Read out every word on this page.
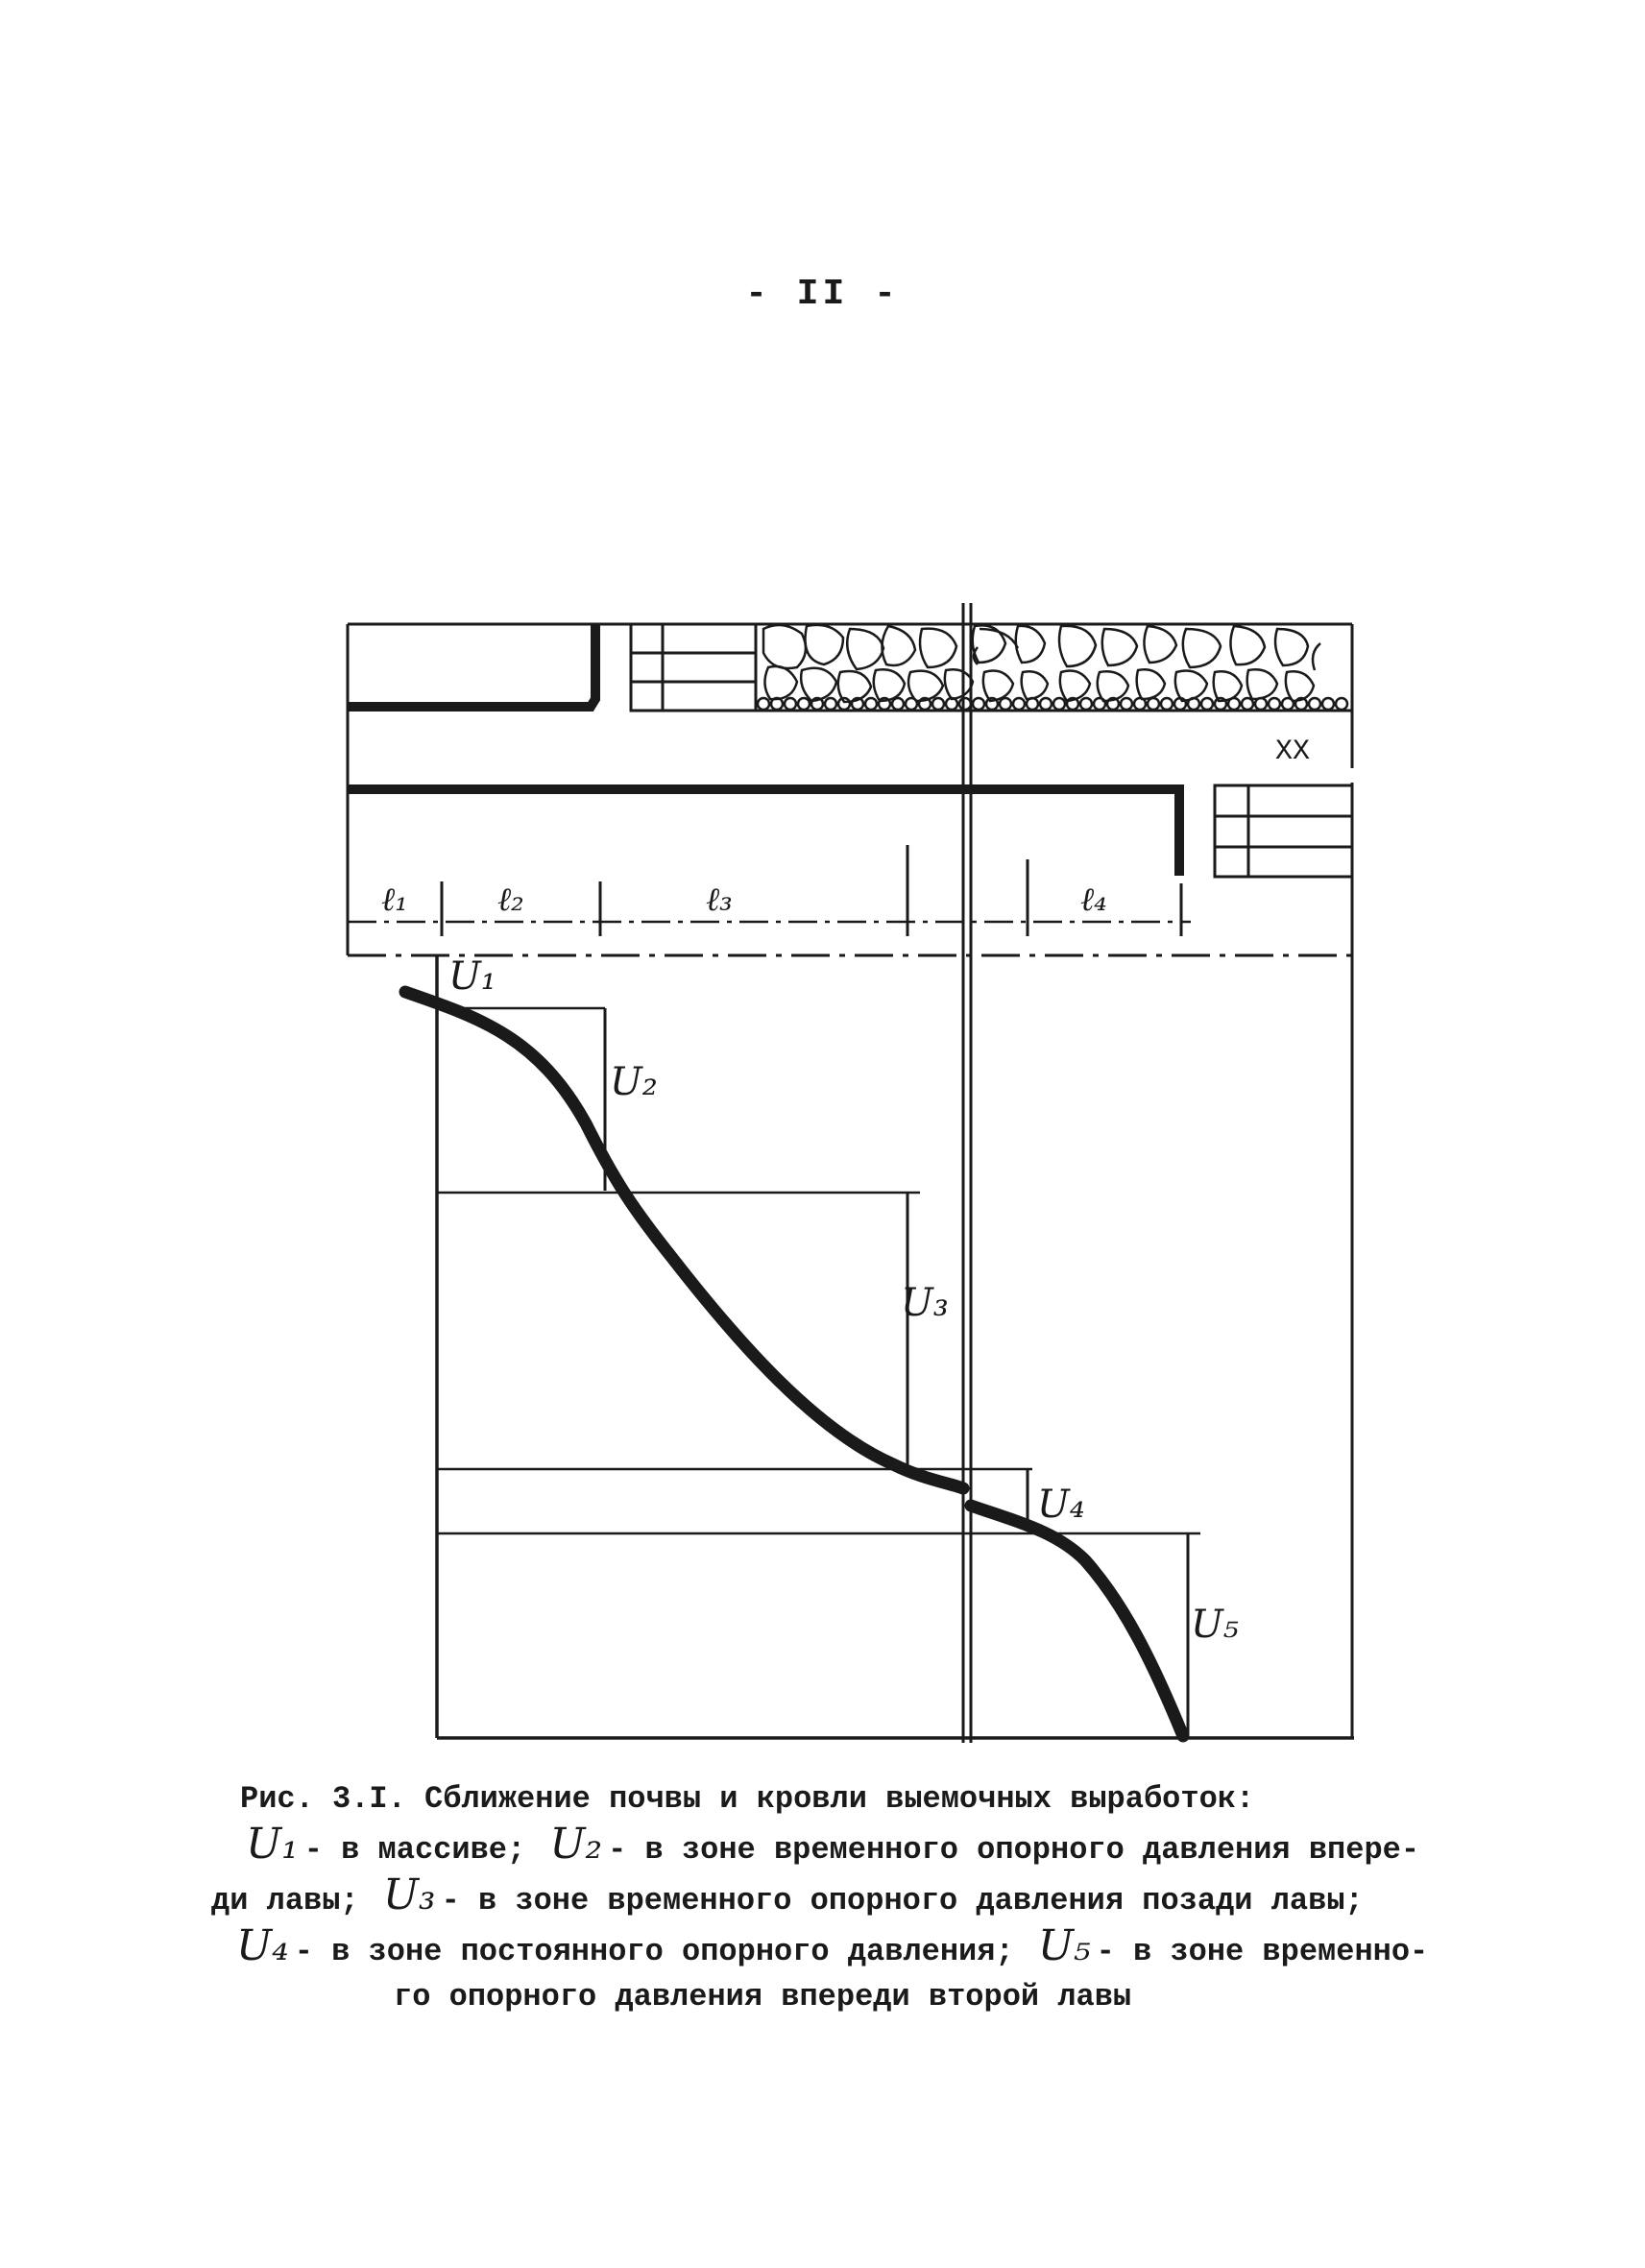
- II -
ℓ₁	ℓ₂	ℓ₃	ℓ₄
XX
U₁
U₂
U₃
U₄
U₅
Рис. 3.I. Сближение почвы и кровли выемочных выработок:
U₁ - в массиве; U₂ - в зоне временного опорного давления впере-
ди лавы; U₃ - в зоне временного опорного давления позади лавы;
U₄ - в зоне постоянного опорного давления; U₅ - в зоне временно-
го опорного давления впереди второй лавы
